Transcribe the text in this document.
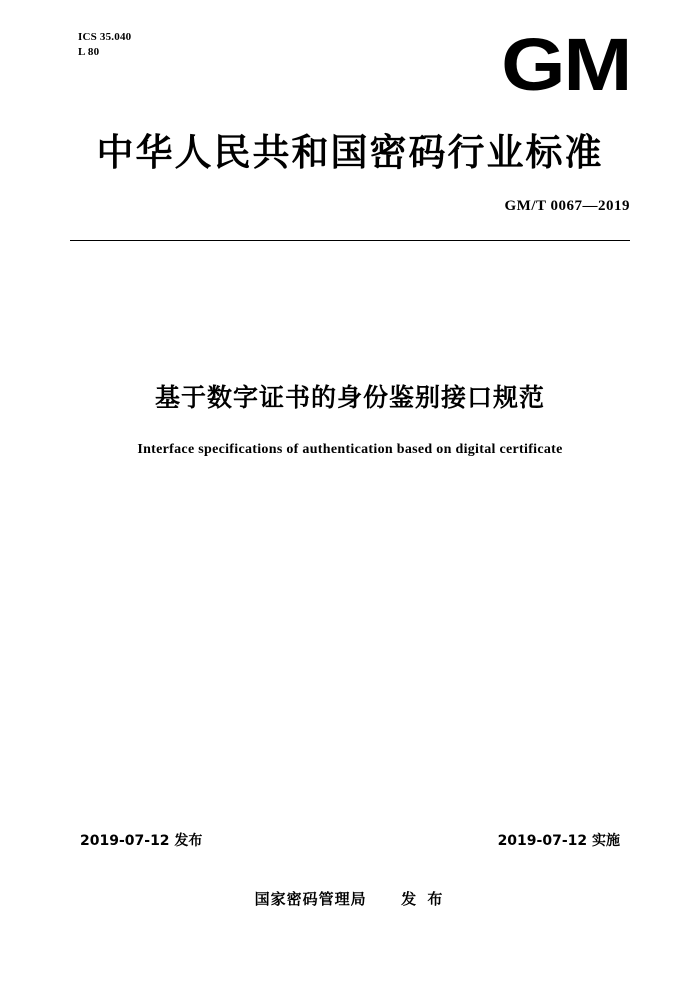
ICS 35.040
L 80	GM
中华人民共和国密码行业标准
GM/T 0067—2019
基于数字证书的身份鉴别接口规范
Interface specifications of authentication based on digital certificate
2019-07-12 发布	2019-07-12 实施
国家密码管理局 发 布
